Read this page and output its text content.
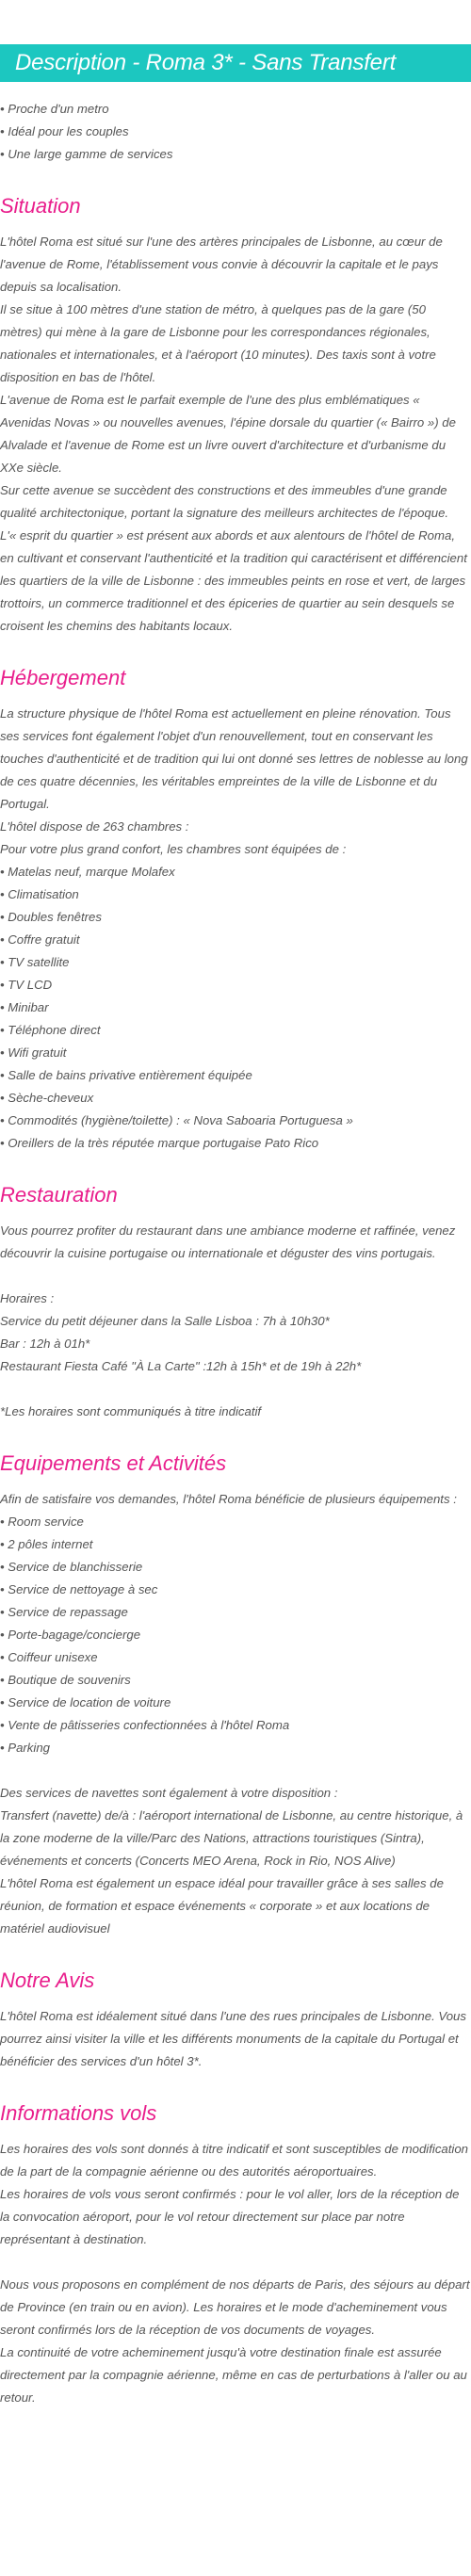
Description - Roma 3* - Sans Transfert

• Proche d'un metro

• Idéal pour les couples

• Une large gamme de services

Situation

L'hôtel Roma est situé sur l'une des artères principales de Lisbonne, au cœur de l'avenue de Rome, l'établissement vous convie à découvrir la capitale et le pays depuis sa localisation.

Il se situe à 100 mètres d'une station de métro, à quelques pas de la gare (50 mètres) qui mène à la gare de Lisbonne pour les correspondances régionales, nationales et internationales, et à l'aéroport (10 minutes). Des taxis sont à votre disposition en bas de l'hôtel.

L'avenue de Roma est le parfait exemple de l'une des plus emblématiques « Avenidas Novas » ou nouvelles avenues, l'épine dorsale du quartier (« Bairro ») de Alvalade et l'avenue de Rome est un livre ouvert d'architecture et d'urbanisme du XXe siècle.

Sur cette avenue se succèdent des constructions et des immeubles d'une grande qualité architectonique, portant la signature des meilleurs architectes de l'époque.

L'« esprit du quartier » est présent aux abords et aux alentours de l'hôtel de Roma, en cultivant et conservant l'authenticité et la tradition qui caractérisent et différencient les quartiers de la ville de Lisbonne : des immeubles peints en rose et vert, de larges trottoirs, un commerce traditionnel et des épiceries de quartier au sein desquels se croisent les chemins des habitants locaux.

Hébergement

La structure physique de l'hôtel Roma est actuellement en pleine rénovation. Tous ses services font également l'objet d'un renouvellement, tout en conservant les touches d'authenticité et de tradition qui lui ont donné ses lettres de noblesse au long de ces quatre décennies, les véritables empreintes de la ville de Lisbonne et du Portugal.

L'hôtel dispose de 263 chambres :

Pour votre plus grand confort, les chambres sont équipées de :

• Matelas neuf, marque Molafex

• Climatisation

• Doubles fenêtres

• Coffre gratuit

• TV satellite

• TV LCD

• Minibar

• Téléphone direct

• Wifi gratuit

• Salle de bains privative entièrement équipée

• Sèche-cheveux

• Commodités (hygiène/toilette) : « Nova Saboaria Portuguesa »

• Oreillers de la très réputée marque portugaise Pato Rico

Restauration

Vous pourrez profiter du restaurant dans une ambiance moderne et raffinée, venez découvrir la cuisine portugaise ou internationale et déguster des vins portugais.

Horaires :

Service du petit déjeuner dans la Salle Lisboa : 7h à 10h30*

Bar : 12h à 01h*

Restaurant Fiesta Café "À La Carte" :12h à 15h* et de 19h à 22h*

*Les horaires sont communiqués à titre indicatif

Equipements et Activités

Afin de satisfaire vos demandes, l'hôtel Roma bénéficie de plusieurs équipements :

• Room service

• 2 pôles internet

• Service de blanchisserie

• Service de nettoyage à sec

• Service de repassage

• Porte-bagage/concierge

• Coiffeur unisexe

• Boutique de souvenirs

• Service de location de voiture

• Vente de pâtisseries confectionnées à l'hôtel Roma

• Parking

Des services de navettes sont également à votre disposition :

Transfert (navette) de/à : l'aéroport international de Lisbonne, au centre historique, à la zone moderne de la ville/Parc des Nations, attractions touristiques (Sintra), événements et concerts (Concerts MEO Arena, Rock in Rio, NOS Alive)

L'hôtel Roma est également un espace idéal pour travailler grâce à ses salles de réunion, de formation et espace événements « corporate » et aux locations de matériel audiovisuel

Notre Avis

L'hôtel Roma est idéalement situé dans l'une des rues principales de Lisbonne. Vous pourrez ainsi visiter la ville et les différents monuments de la capitale du Portugal et bénéficier des services d'un hôtel 3*.

Informations vols

Les horaires des vols sont donnés à titre indicatif et sont susceptibles de modification de la part de la compagnie aérienne ou des autorités aéroportuaires.

Les horaires de vols vous seront confirmés : pour le vol aller, lors de la réception de la convocation aéroport, pour le vol retour directement sur place par notre représentant à destination.

Nous vous proposons en complément de nos départs de Paris, des séjours au départ de Province (en train ou en avion). Les horaires et le mode d'acheminement vous seront confirmés lors de la réception de vos documents de voyages.

La continuité de votre acheminement jusqu'à votre destination finale est assurée directement par la compagnie aérienne, même en cas de perturbations à l'aller ou au retour.
